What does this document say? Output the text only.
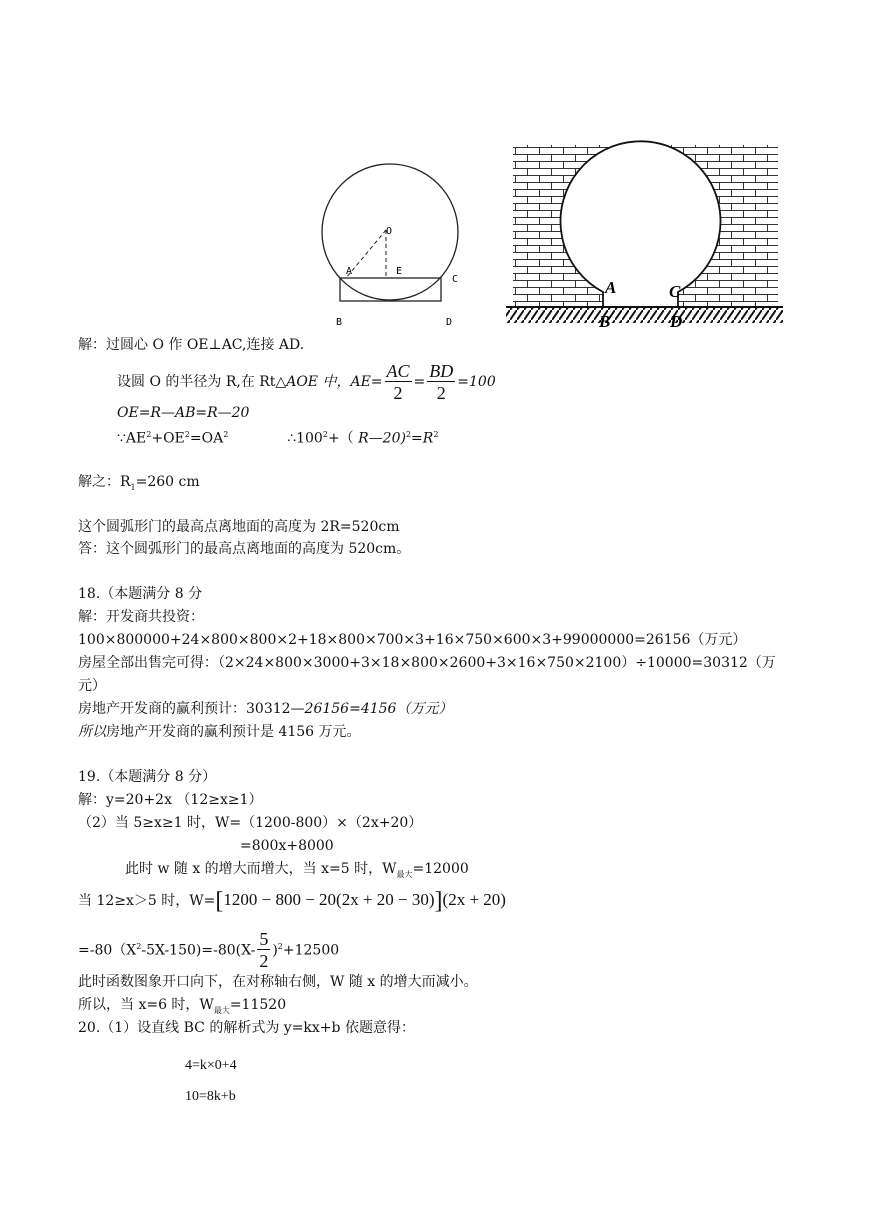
O
A	E
C
B	D
A
B
C
D
解：过圆心 O 作 OE⊥AC,连接 AD.
设圆 O 的半径为 R,在 Rt△AOE 中，$AE= \frac{AC}{2} = \frac{BD}{2} =100$
OE=R—AB=R—20
$\because AE^2+OE^2=OA^2$	$\therefore 100^2+$（ $R—20)^2=R^2$
解之：$R_1=260$ cm
这个圆弧形门的最高点离地面的高度为 2R=520cm
答：这个圆弧形门的最高点离地面的高度为 520cm。
18.（本题满分 8 分
解：开发商共投资：
100×800000+24×800×800×2+18×800×700×3+16×750×600×3+99000000=26156（万元）
房屋全部出售完可得：（2×24×800×3000+3×18×800×2600+3×16×750×2100）÷10000=30312（万
元）
房地产开发商的赢利预计：30312—26156=4156（万元）
所以房地产开发商的赢利预计是 4156 万元。
19.（本题满分 8 分）
解：y=20+2x （12≥x≥1）
（2）当 5≥x≥1 时，W=（1200-800）×（2x+20）
=800x+8000
此时 w 随 x 的增大而增大，当 x=5 时，$W_{最大}=12000$
当 12≥x＞5 时，W=[1200 − 800 − 20(2x + 20 − 30)](2x + 20)
$=-80(X^2-5X-150)=-80(X- \frac{5}{2} )^2+12500$
此时函数图象开口向下，在对称轴右侧，W 随 x 的增大而减小。
所以，当 x=6 时，$W_{最大}=11520$
20.（1）设直线 BC 的解析式为 y=kx+b 依题意得：
4=k×0+4
10=8k+b
